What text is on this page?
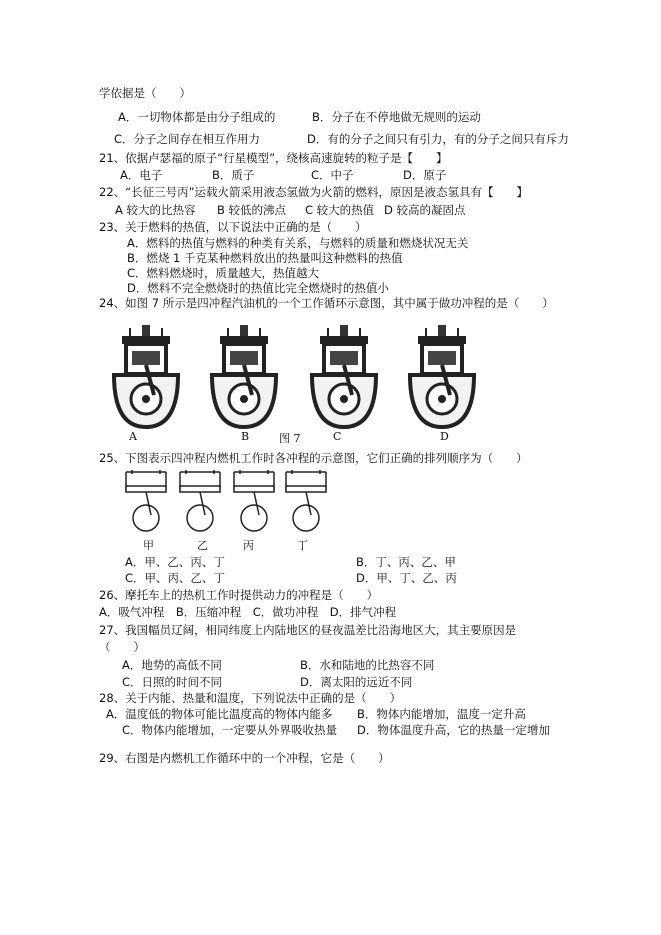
学依据是（　　）
A．一切物体都是由分子组成的	B．分子在不停地做无规则的运动
C．分子之间存在相互作用力	D．有的分子之间只有引力，有的分子之间只有斥力
21、依据卢瑟福的原子“行星模型”，绕核高速旋转的粒子是【　　】
A．电子	B．质子	C．中子	D．原子
22、“长征三号丙”运载火箭采用液态氢做为火箭的燃料，原因是液态氢具有【　　】
A 较大的比热容 B 较低的沸点 C 较大的热值 D 较高的凝固点
23、关于燃料的热值，以下说法中正确的是（　　）
A．燃料的热值与燃料的种类有关系，与燃料的质量和燃烧状况无关
B．燃烧 1 千克某种燃料放出的热量叫这种燃料的热值
C．燃料燃烧时，质量越大，热值越大
D．燃料不完全燃烧时的热值比完全燃烧时的热值小
24、如图 7 所示是四冲程汽油机的一个工作循环示意图，其中属于做功冲程的是（　　）
A	B	图 7	C	D
25、下图表示四冲程内燃机工作时各冲程的示意图，它们正确的排列顺序为（　　）
甲	乙	丙	丁
A．甲、乙、丙、丁	B．丁、丙、乙、甲
C．甲、丙、乙、丁	D．甲、丁、乙、丙
26、摩托车上的热机工作时提供动力的冲程是（　　）
A．吸气冲程　B．压缩冲程　C．做功冲程　D．排气冲程
27、我国幅员辽阔，相同纬度上内陆地区的昼夜温差比沿海地区大，其主要原因是
（　　）
A．地势的高低不同	B．水和陆地的比热容不同
C．日照的时间不同	D．离太阳的远近不同
28、关于内能、热量和温度，下列说法中正确的是（　　）
A．温度低的物体可能比温度高的物体内能多 B．物体内能增加，温度一定升高
C．物体内能增加，一定要从外界吸收热量 D．物体温度升高，它的热量一定增加
29、右图是内燃机工作循环中的一个冲程，它是（　　）
